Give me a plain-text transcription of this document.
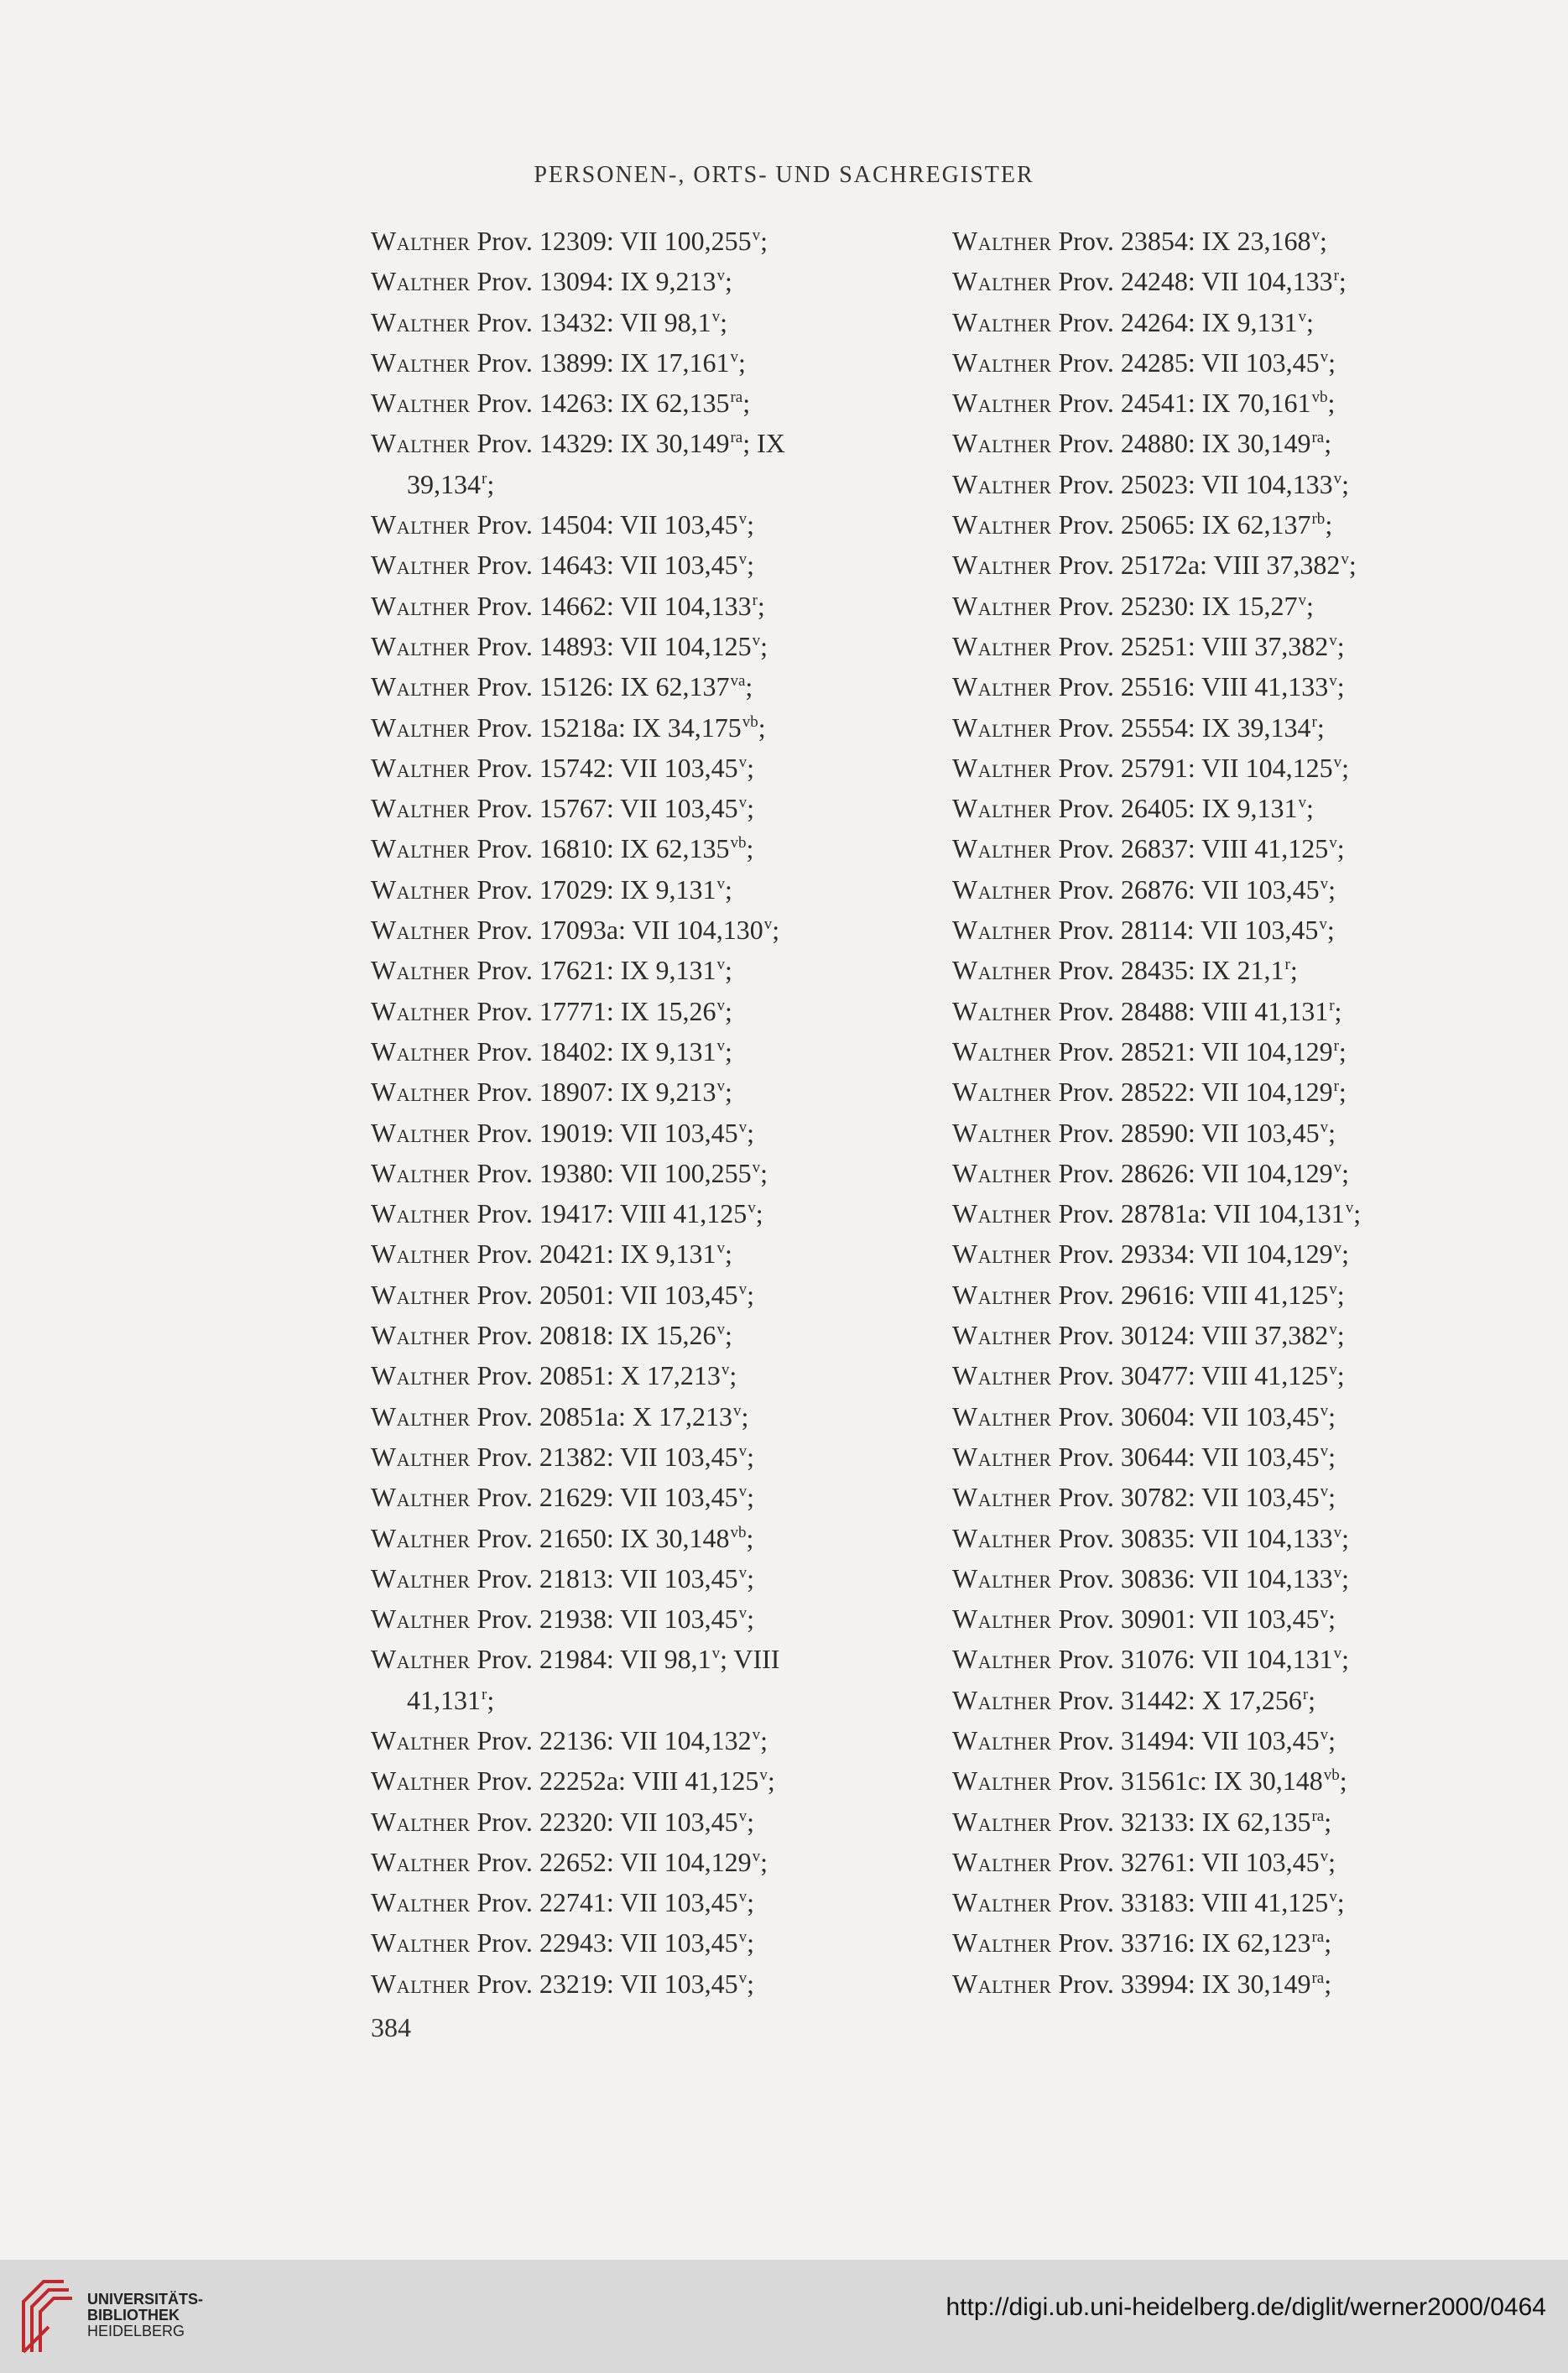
PERSONEN-, ORTS- UND SACHREGISTER
Walther Prov. 12309: VII 100,255$^v$;
Walther Prov. 13094: IX 9,213$^v$;
Walther Prov. 13432: VII 98,1$^v$;
Walther Prov. 13899: IX 17,161$^v$;
Walther Prov. 14263: IX $62,135^{ra}$;
Walther Prov. 14329: IX $30,149^{ra}$; IX
39,134$^r$;
Walther Prov. 14504: VII 103,45$^v$;
Walther Prov. 14643: VII 103,45$^v$;
Walther Prov. 14662: VII 104,133$^r$;
Walther Prov. 14893: VII 104,125$^v$;
Walther Prov. 15126: IX $62,137^{va}$;
Walther Prov. 15218a: IX $34,175^{vb}$;
Walther Prov. 15742: VII 103,45$^v$;
Walther Prov. 15767: VII 103,45$^v$;
Walther Prov. 16810: IX $62,135^{vb}$;
Walther Prov. 17029: IX 9,131$^v$;
Walther Prov. 17093a: VII 104,130$^v$;
Walther Prov. 17621: IX 9,131$^v$;
Walther Prov. 17771: IX 15,26$^v$;
Walther Prov. 18402: IX 9,131$^v$;
Walther Prov. 18907: IX 9,213$^v$;
Walther Prov. 19019: VII 103,45$^v$;
Walther Prov. 19380: VII 100,255$^v$;
Walther Prov. 19417: VIII 41,125$^v$;
Walther Prov. 20421: IX 9,131$^v$;
Walther Prov. 20501: VII 103,45$^v$;
Walther Prov. 20818: IX 15,26$^v$;
Walther Prov. 20851: X 17,213$^v$;
Walther Prov. 20851a: X 17,213$^v$;
Walther Prov. 21382: VII 103,45$^v$;
Walther Prov. 21629: VII 103,45$^v$;
Walther Prov. 21650: IX $30,148^{vb}$;
Walther Prov. 21813: VII 103,45$^v$;
Walther Prov. 21938: VII 103,45$^v$;
Walther Prov. 21984: VII 98,1$^v$; VIII
41,131$^r$;
Walther Prov. 22136: VII 104,132$^v$;
Walther Prov. 22252a: VIII 41,125$^v$;
Walther Prov. 22320: VII 103,45$^v$;
Walther Prov. 22652: VII 104,129$^v$;
Walther Prov. 22741: VII 103,45$^v$;
Walther Prov. 22943: VII 103,45$^v$;
Walther Prov. 23219: VII 103,45$^v$;
Walther Prov. 23854: IX 23,168$^v$;
Walther Prov. 24248: VII 104,133$^r$;
Walther Prov. 24264: IX 9,131$^v$;
Walther Prov. 24285: VII 103,45$^v$;
Walther Prov. 24541: IX $70,161^{vb}$;
Walther Prov. 24880: IX $30,149^{ra}$;
Walther Prov. 25023: VII 104,133$^v$;
Walther Prov. 25065: IX $62,137^{rb}$;
Walther Prov. 25172a: VIII 37,382$^v$;
Walther Prov. 25230: IX 15,27$^v$;
Walther Prov. 25251: VIII 37,382$^v$;
Walther Prov. 25516: VIII 41,133$^v$;
Walther Prov. 25554: IX 39,134$^r$;
Walther Prov. 25791: VII 104,125$^v$;
Walther Prov. 26405: IX 9,131$^v$;
Walther Prov. 26837: VIII 41,125$^v$;
Walther Prov. 26876: VII 103,45$^v$;
Walther Prov. 28114: VII 103,45$^v$;
Walther Prov. 28435: IX 21,1$^r$;
Walther Prov. 28488: VIII 41,131$^r$;
Walther Prov. 28521: VII 104,129$^r$;
Walther Prov. 28522: VII 104,129$^r$;
Walther Prov. 28590: VII 103,45$^v$;
Walther Prov. 28626: VII 104,129$^v$;
Walther Prov. 28781a: VII 104,131$^v$;
Walther Prov. 29334: VII 104,129$^v$;
Walther Prov. 29616: VIII 41,125$^v$;
Walther Prov. 30124: VIII 37,382$^v$;
Walther Prov. 30477: VIII 41,125$^v$;
Walther Prov. 30604: VII 103,45$^v$;
Walther Prov. 30644: VII 103,45$^v$;
Walther Prov. 30782: VII 103,45$^v$;
Walther Prov. 30835: VII 104,133$^v$;
Walther Prov. 30836: VII 104,133$^v$;
Walther Prov. 30901: VII 103,45$^v$;
Walther Prov. 31076: VII 104,131$^v$;
Walther Prov. 31442: X 17,256$^r$;
Walther Prov. 31494: VII 103,45$^v$;
Walther Prov. 31561c: IX $30,148^{vb}$;
Walther Prov. 32133: IX $62,135^{ra}$;
Walther Prov. 32761: VII 103,45$^v$;
Walther Prov. 33183: VIII 41,125$^v$;
Walther Prov. 33716: IX $62,123^{ra}$;
Walther Prov. 33994: IX $30,149^{ra}$;
384
UNIVERSITÄTS-
BIBLIOTHEK
HEIDELBERG
http://digi.ub.uni-heidelberg.de/diglit/werner2000/0464
